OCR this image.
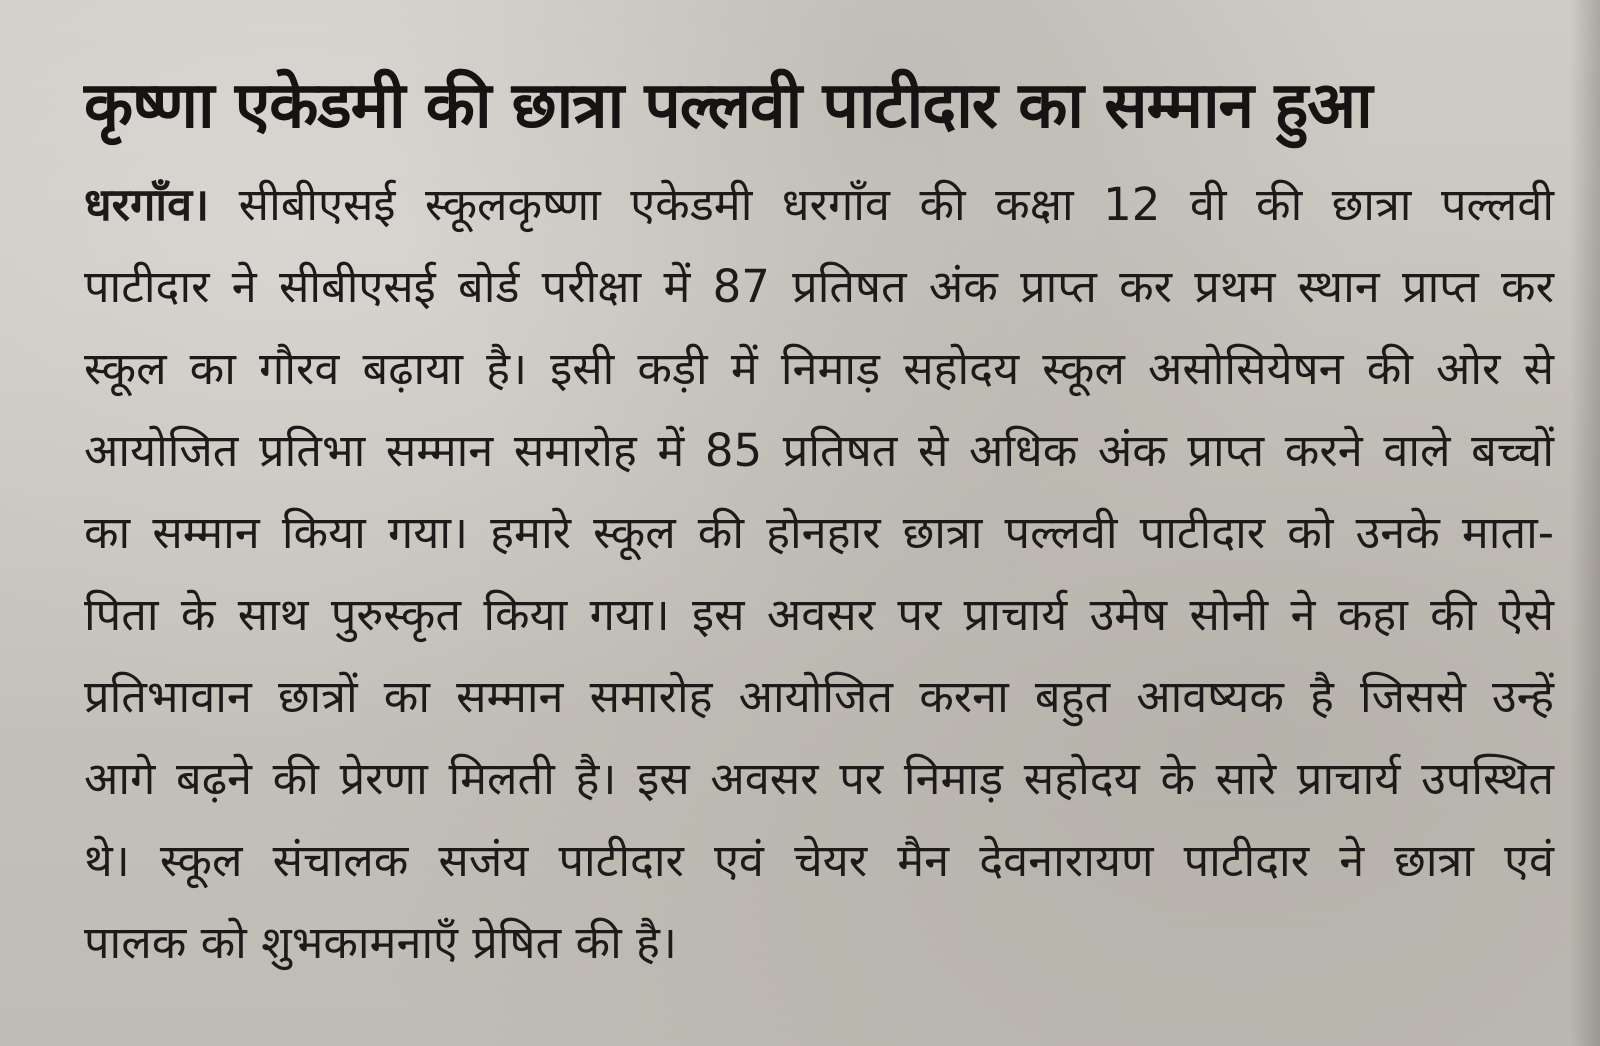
कृष्णा एकेडमी की छात्रा पल्लवी पाटीदार का सम्मान हुआ
धरगाँव। सीबीएसई स्कूलकृष्णा एकेडमी धरगाँव की कक्षा 12 वी की छात्रा पल्लवी
पाटीदार ने सीबीएसई बोर्ड परीक्षा में 87 प्रतिषत अंक प्राप्त कर प्रथम स्थान प्राप्त कर
स्कूल का गौरव बढ़ाया है। इसी कड़ी में निमाड़ सहोदय स्कूल असोसियेषन की ओर से
आयोजित प्रतिभा सम्मान समारोह में 85 प्रतिषत से अधिक अंक प्राप्त करने वाले बच्चों
का सम्मान किया गया। हमारे स्कूल की होनहार छात्रा पल्लवी पाटीदार को उनके माता-
पिता के साथ पुरुस्कृत किया गया। इस अवसर पर प्राचार्य उमेष सोनी ने कहा की ऐसे
प्रतिभावान छात्रों का सम्मान समारोह आयोजित करना बहुत आवष्यक है जिससे उन्हें
आगे बढ़ने की प्रेरणा मिलती है। इस अवसर पर निमाड़ सहोदय के सारे प्राचार्य उपस्थित
थे। स्कूल संचालक सजंय पाटीदार एवं चेयर मैन देवनारायण पाटीदार ने छात्रा एवं
पालक को शुभकामनाएँ प्रेषित की है।
